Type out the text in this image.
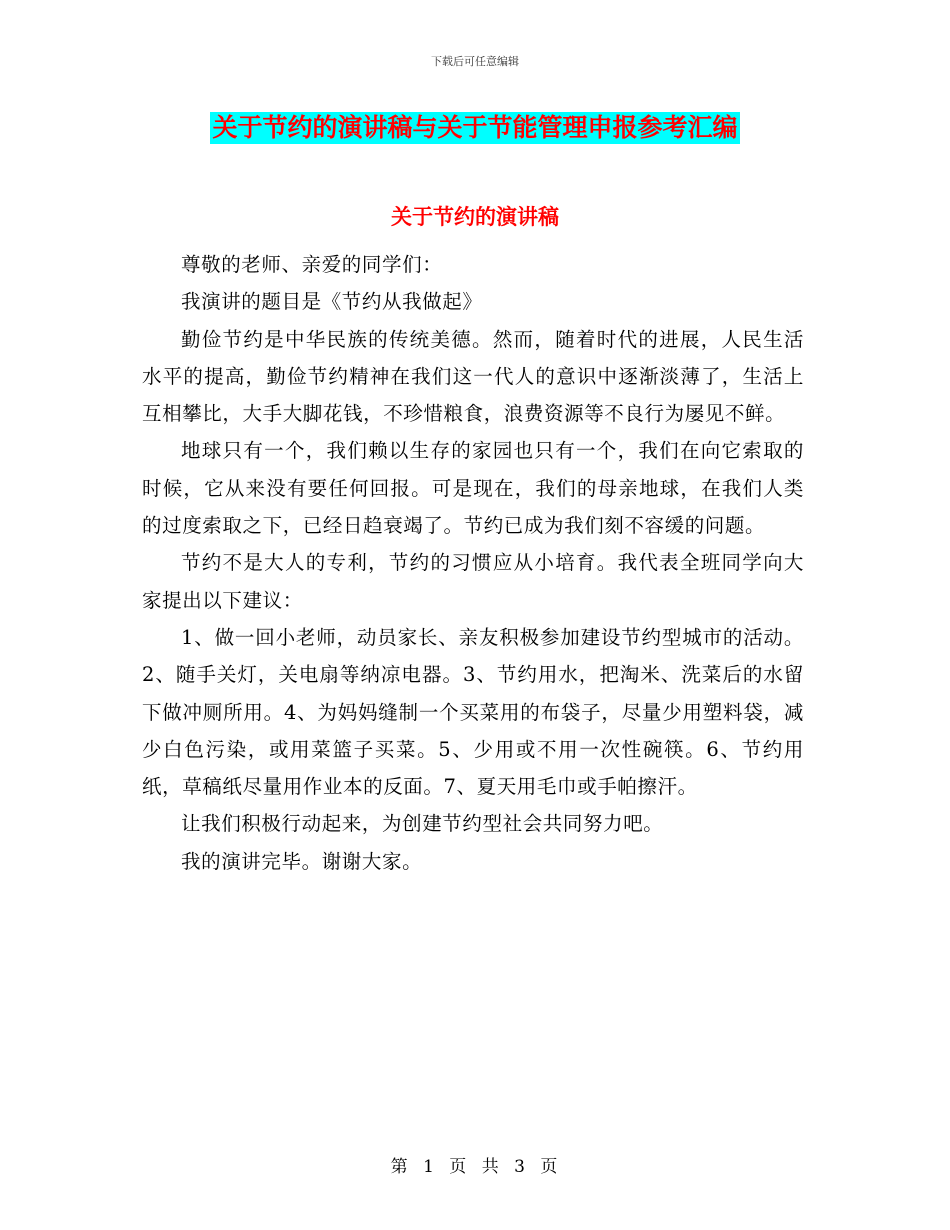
下载后可任意编辑
关于节约的演讲稿与关于节能管理申报参考汇编
关于节约的演讲稿

尊敬的老师、亲爱的同学们：

我演讲的题目是《节约从我做起》

勤俭节约是中华民族的传统美德。然而，随着时代的进展，人民生活水平的提高，勤俭节约精神在我们这一代人的意识中逐渐淡薄了，生活上互相攀比，大手大脚花钱，不珍惜粮食，浪费资源等不良行为屡见不鲜。

地球只有一个，我们赖以生存的家园也只有一个，我们在向它索取的时候，它从来没有要任何回报。可是现在，我们的母亲地球，在我们人类的过度索取之下，已经日趋衰竭了。节约已成为我们刻不容缓的问题。

节约不是大人的专利，节约的习惯应从小培育。我代表全班同学向大家提出以下建议：

1、做一回小老师，动员家长、亲友积极参加建设节约型城市的活动。2、随手关灯，关电扇等纳凉电器。3、节约用水，把淘米、洗菜后的水留下做冲厕所用。4、为妈妈缝制一个买菜用的布袋子，尽量少用塑料袋，减少白色污染，或用菜篮子买菜。5、少用或不用一次性碗筷。6、节约用纸，草稿纸尽量用作业本的反面。7、夏天用毛巾或手帕擦汗。

让我们积极行动起来，为创建节约型社会共同努力吧。

我的演讲完毕。谢谢大家。

第 1 页 共 3 页
